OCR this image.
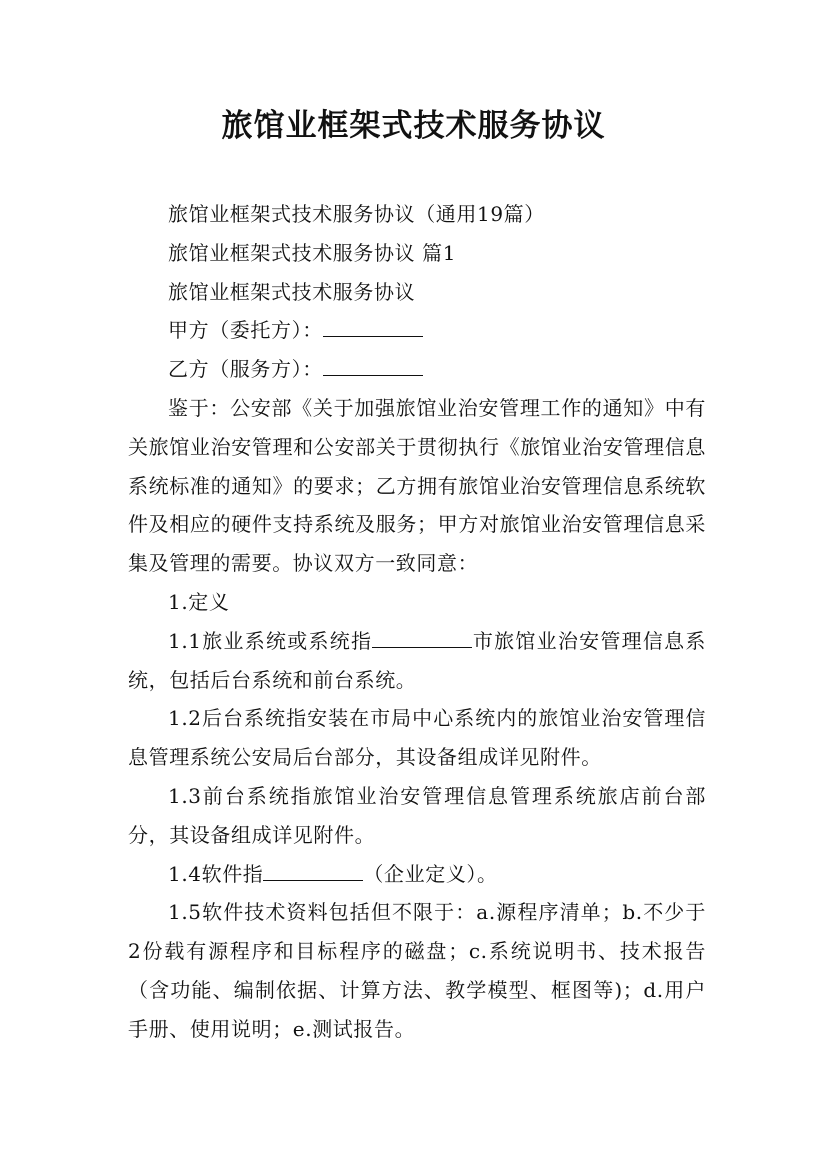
旅馆业框架式技术服务协议

旅馆业框架式技术服务协议（通用19篇）

旅馆业框架式技术服务协议 篇1

旅馆业框架式技术服务协议

甲方（委托方）：

乙方（服务方）：

鉴于：公安部《关于加强旅馆业治安管理工作的通知》中有关旅馆业治安管理和公安部关于贯彻执行《旅馆业治安管理信息系统标准的通知》的要求；乙方拥有旅馆业治安管理信息系统软件及相应的硬件支持系统及服务；甲方对旅馆业治安管理信息采集及管理的需要。协议双方一致同意：

1.定义

1.1旅业系统或系统指	市旅馆业治安管理信息系统，包括后台系统和前台系统。

1.2后台系统指安装在市局中心系统内的旅馆业治安管理信息管理系统公安局后台部分，其设备组成详见附件。

1.3前台系统指旅馆业治安管理信息管理系统旅店前台部分，其设备组成详见附件。

1.4软件指	（企业定义）。

1.5软件技术资料包括但不限于：a.源程序清单；b.不少于2份载有源程序和目标程序的磁盘；c.系统说明书、技术报告（含功能、编制依据、计算方法、教学模型、框图等)；d.用户手册、使用说明；e.测试报告。
